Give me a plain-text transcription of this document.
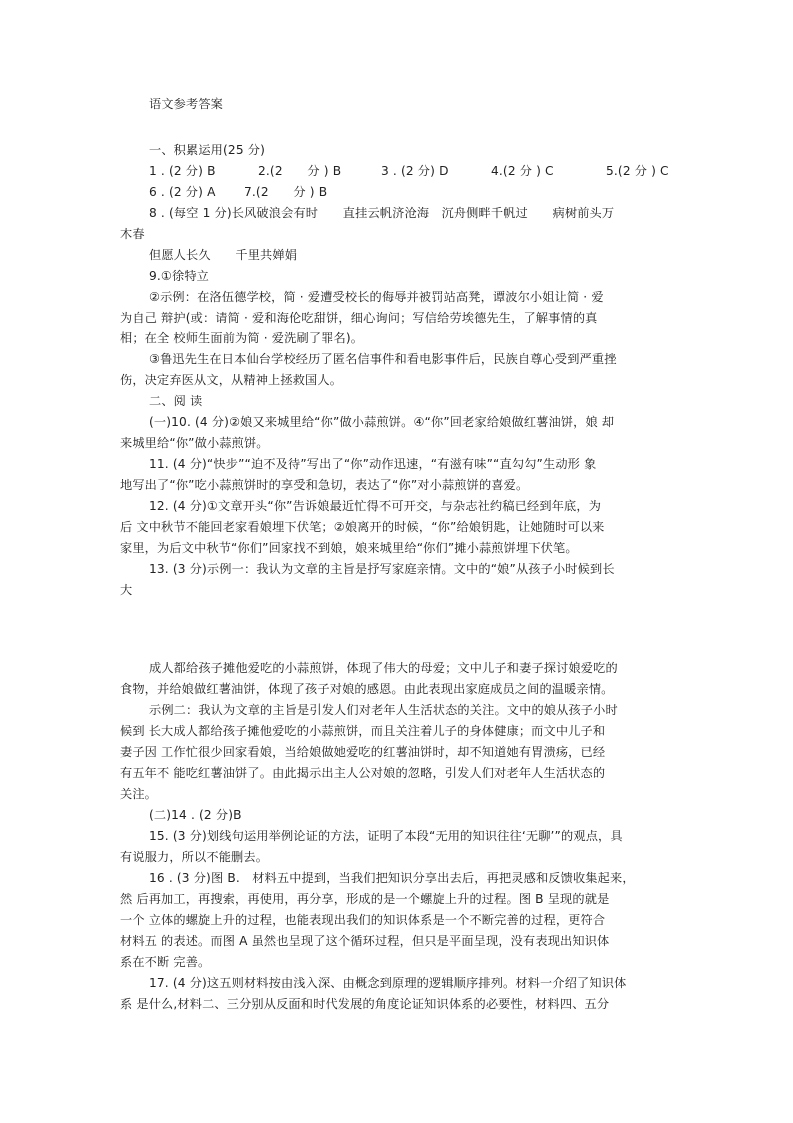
语文参考答案
一、积累运用(25 分)
1 . (2 分) B	2.(2　　分 ) B	3 . (2 分) D	4.(2 分 ) C	5.(2 分 ) C
6 . (2 分) A 7.(2　　分 ) B
8 . (每空 1 分)长风破浪会有时　　直挂云帆济沧海　沉舟侧畔千帆过　　病树前头万
木春
但愿人长久　　千里共婵娟
9.①徐特立
②示例：在洛伍德学校，简 · 爱遭受校长的侮辱并被罚站高凳，谭波尔小姐让简 · 爱
为自己 辩护(或：请简 · 爱和海伦吃甜饼，细心询问；写信给劳埃德先生，了解事情的真
相；在全 校师生面前为简 · 爱洗刷了罪名)。
③鲁迅先生在日本仙台学校经历了匿名信事件和看电影事件后，民族自尊心受到严重挫
伤，决定弃医从文，从精神上拯救国人。
二、阅 读
(一)10. (4 分)②娘又来城里给“你”做小蒜煎饼。④“你”回老家给娘做红薯油饼，娘 却
来城里给“你”做小蒜煎饼。
11. (4 分)“快步”“迫不及待”写出了“你”动作迅速，“有滋有味”“直勾勾”生动形 象
地写出了“你”吃小蒜煎饼时的享受和急切，表达了“你”对小蒜煎饼的喜爱。
12. (4 分)①文章开头“你”告诉娘最近忙得不可开交，与杂志社约稿已经到年底，为
后 文中秋节不能回老家看娘埋下伏笔；②娘离开的时候，“你”给娘钥匙，让她随时可以来
家里，为后文中秋节“你们”回家找不到娘，娘来城里给“你们”摊小蒜煎饼埋下伏笔。
13. (3 分)示例一：我认为文章的主旨是抒写家庭亲情。文中的“娘”从孩子小时候到长
大
成人都给孩子摊他爱吃的小蒜煎饼，体现了伟大的母爱；文中儿子和妻子探讨娘爱吃的
食物，并给娘做红薯油饼，体现了孩子对娘的感恩。由此表现出家庭成员之间的温暖亲情。
示例二：我认为文章的主旨是引发人们对老年人生活状态的关注。文中的娘从孩子小时
候到 长大成人都给孩子摊他爱吃的小蒜煎饼，而且关注着儿子的身体健康；而文中儿子和
妻子因 工作忙很少回家看娘，当给娘做她爱吃的红薯油饼时，却不知道她有胃溃疡，已经
有五年不 能吃红薯油饼了。由此揭示出主人公对娘的忽略，引发人们对老年人生活状态的
关注。
(二)14 . (2 分)B
15. (3 分)划线句运用举例论证的方法，证明了本段“无用的知识往往‘无聊’”的观点，具
有说服力，所以不能删去。
16 . (3 分)图 B.　材料五中提到，当我们把知识分享出去后，再把灵感和反馈收集起来，
然 后再加工，再搜索，再使用，再分享，形成的是一个螺旋上升的过程。图 B 呈现的就是
一个 立体的螺旋上升的过程，也能表现出我们的知识体系是一个不断完善的过程，更符合
材料五 的表述。而图 A 虽然也呈现了这个循环过程，但只是平面呈现，没有表现出知识体
系在不断 完善。
17. (4 分)这五则材料按由浅入深、由概念到原理的逻辑顺序排列。材料一介绍了知识体
系 是什么,材料二、三分别从反面和时代发展的角度论证知识体系的必要性，材料四、五分
